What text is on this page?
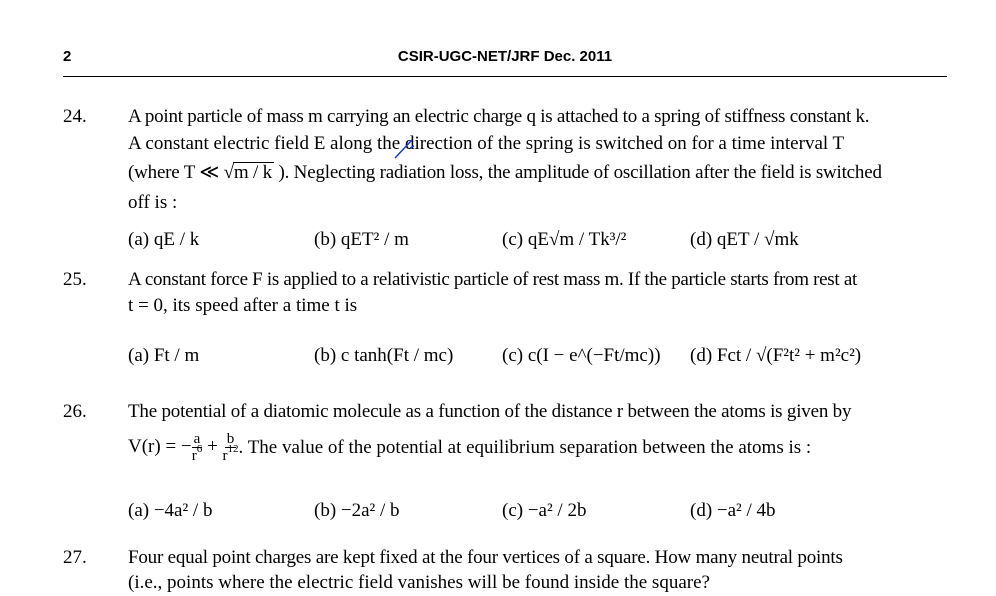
2	CSIR-UGC-NET/JRF Dec. 2011
24. A point particle of mass m carrying an electric charge q is attached to a spring of stiffness constant k.
A constant electric field E along the direction of the spring is switched on for a time interval T
(where T ≪ √m / k ). Neglecting radiation loss, the amplitude of oscillation after the field is switched
off is :
(a) qE / k	(b) qET² / m	(c) qE√m / Tk³/²	(d) qET / √mk
25. A constant force F is applied to a relativistic particle of rest mass m. If the particle starts from rest at
t = 0, its speed after a time t is
(a) Ft / m	(b) c tanh(Ft / mc)	(c) c(I − e^(−Ft/mc)) (d) Fct / √(F²t² + m²c²)
26. The potential of a diatomic molecule as a function of the distance r between the atoms is given by
V(r) = − $\frac{a}{r^6} + \frac{b}{r^{12}}$ . The value of the potential at equilibrium separation between the atoms is :
(a) −4a² / b	(b) −2a² / b	(c) −a² / 2b	(d) −a² / 4b
27. Four equal point charges are kept fixed at the four vertices of a square. How many neutral points
(i.e., points where the electric field vanishes will be found inside the square?
